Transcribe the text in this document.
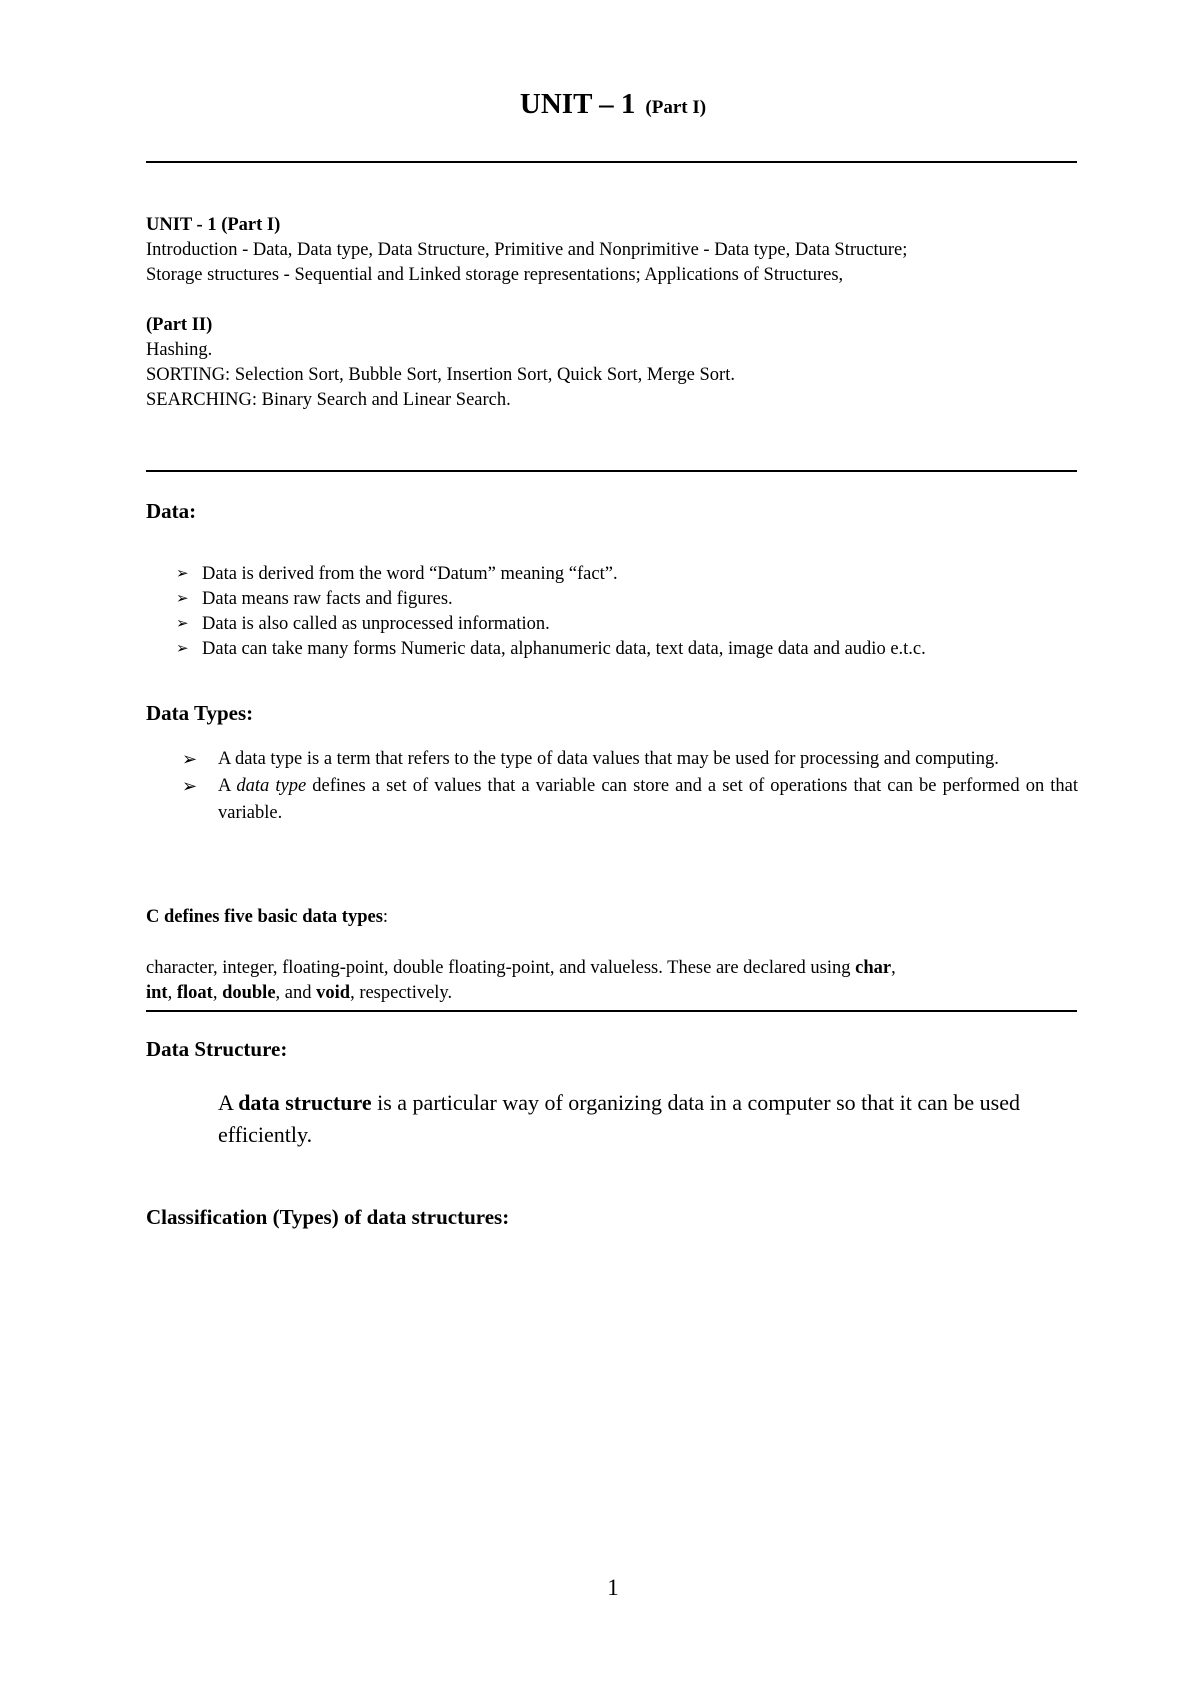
UNIT – 1 (Part I)
UNIT - 1 (Part I)
Introduction - Data, Data type, Data Structure, Primitive and Nonprimitive - Data type, Data Structure;
Storage structures - Sequential and Linked storage representations; Applications of Structures,
(Part II)
Hashing.
SORTING: Selection Sort, Bubble Sort, Insertion Sort, Quick Sort, Merge Sort.
SEARCHING: Binary Search and Linear Search.
Data:
➢ Data is derived from the word “Datum” meaning “fact”.
➢ Data means raw facts and figures.
➢ Data is also called as unprocessed information.
➢ Data can take many forms Numeric data, alphanumeric data, text data, image data and audio e.t.c.
Data Types:
➢ A data type is a term that refers to the type of data values that may be used for processing and computing.
➢ A data type defines a set of values that a variable can store and a set of operations that can be performed on that variable.
C defines five basic data types:
character, integer, floating-point, double floating-point, and valueless. These are declared using char,
int, float, double, and void, respectively.
Data Structure:
A data structure is a particular way of organizing data in a computer so that it can be used efficiently.
Classification (Types) of data structures:
1
